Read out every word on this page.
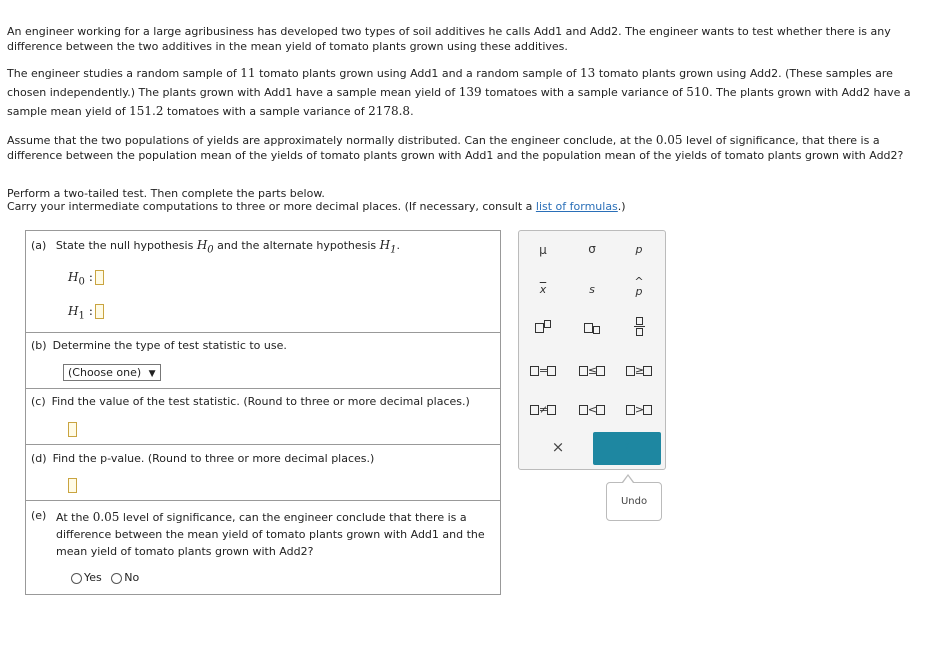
An engineer working for a large agribusiness has developed two types of soil additives he calls Add1 and Add2. The engineer wants to test whether there is any difference between the two additives in the mean yield of tomato plants grown using these additives.
The engineer studies a random sample of 11 tomato plants grown using Add1 and a random sample of 13 tomato plants grown using Add2. (These samples are chosen independently.) The plants grown with Add1 have a sample mean yield of 139 tomatoes with a sample variance of 510. The plants grown with Add2 have a sample mean yield of 151.2 tomatoes with a sample variance of 2178.8.
Assume that the two populations of yields are approximately normally distributed. Can the engineer conclude, at the 0.05 level of significance, that there is a difference between the population mean of the yields of tomato plants grown with Add1 and the population mean of the yields of tomato plants grown with Add2?
Perform a two-tailed test. Then complete the parts below.
Carry your intermediate computations to three or more decimal places. (If necessary, consult a list of formulas.)
(a) State the null hypothesis $H_0$ and the alternate hypothesis $H_1$.
$H_0$ :
$H_1$ :
(b) Determine the type of test statistic to use.
(Choose one) ▼
(c) Find the value of the test statistic. (Round to three or more decimal places.)
(d) Find the p-value. (Round to three or more decimal places.)
(e) At the 0.05 level of significance, can the engineer conclude that there is a difference between the mean yield of tomato plants grown with Add1 and the mean yield of tomato plants grown with Add2?
Yes No
μ	σ	p
$\overline{x}$	s
^
p
=	≤	≥
≠	<	>
×	?
Undo
